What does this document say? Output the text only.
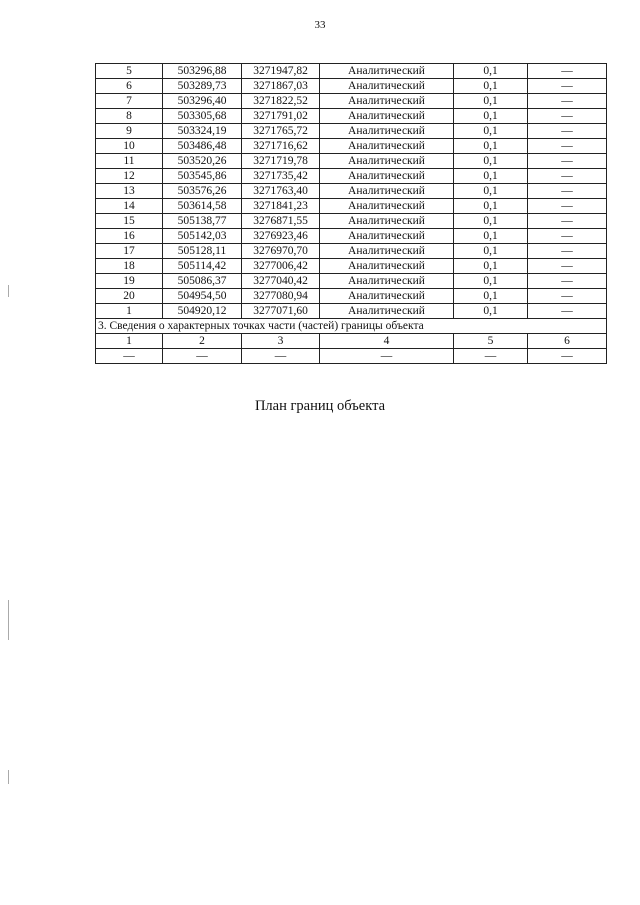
33
5	503296,88	3271947,82	Аналитический	0,1	—
6	503289,73	3271867,03	Аналитический	0,1	—
7	503296,40	3271822,52	Аналитический	0,1	—
8	503305,68	3271791,02	Аналитический	0,1	—
9	503324,19	3271765,72	Аналитический	0,1	—
10	503486,48	3271716,62	Аналитический	0,1	—
11	503520,26	3271719,78	Аналитический	0,1	—
12	503545,86	3271735,42	Аналитический	0,1	—
13	503576,26	3271763,40	Аналитический	0,1	—
14	503614,58	3271841,23	Аналитический	0,1	—
15	505138,77	3276871,55	Аналитический	0,1	—
16	505142,03	3276923,46	Аналитический	0,1	—
17	505128,11	3276970,70	Аналитический	0,1	—
18	505114,42	3277006,42	Аналитический	0,1	—
19	505086,37	3277040,42	Аналитический	0,1	—
20	504954,50	3277080,94	Аналитический	0,1	—
1	504920,12	3277071,60	Аналитический	0,1	—
3. Сведения о характерных точках части (частей) границы объекта					
1	2	3	4	5	6
—	—	—	—	—	—
План границ объекта
